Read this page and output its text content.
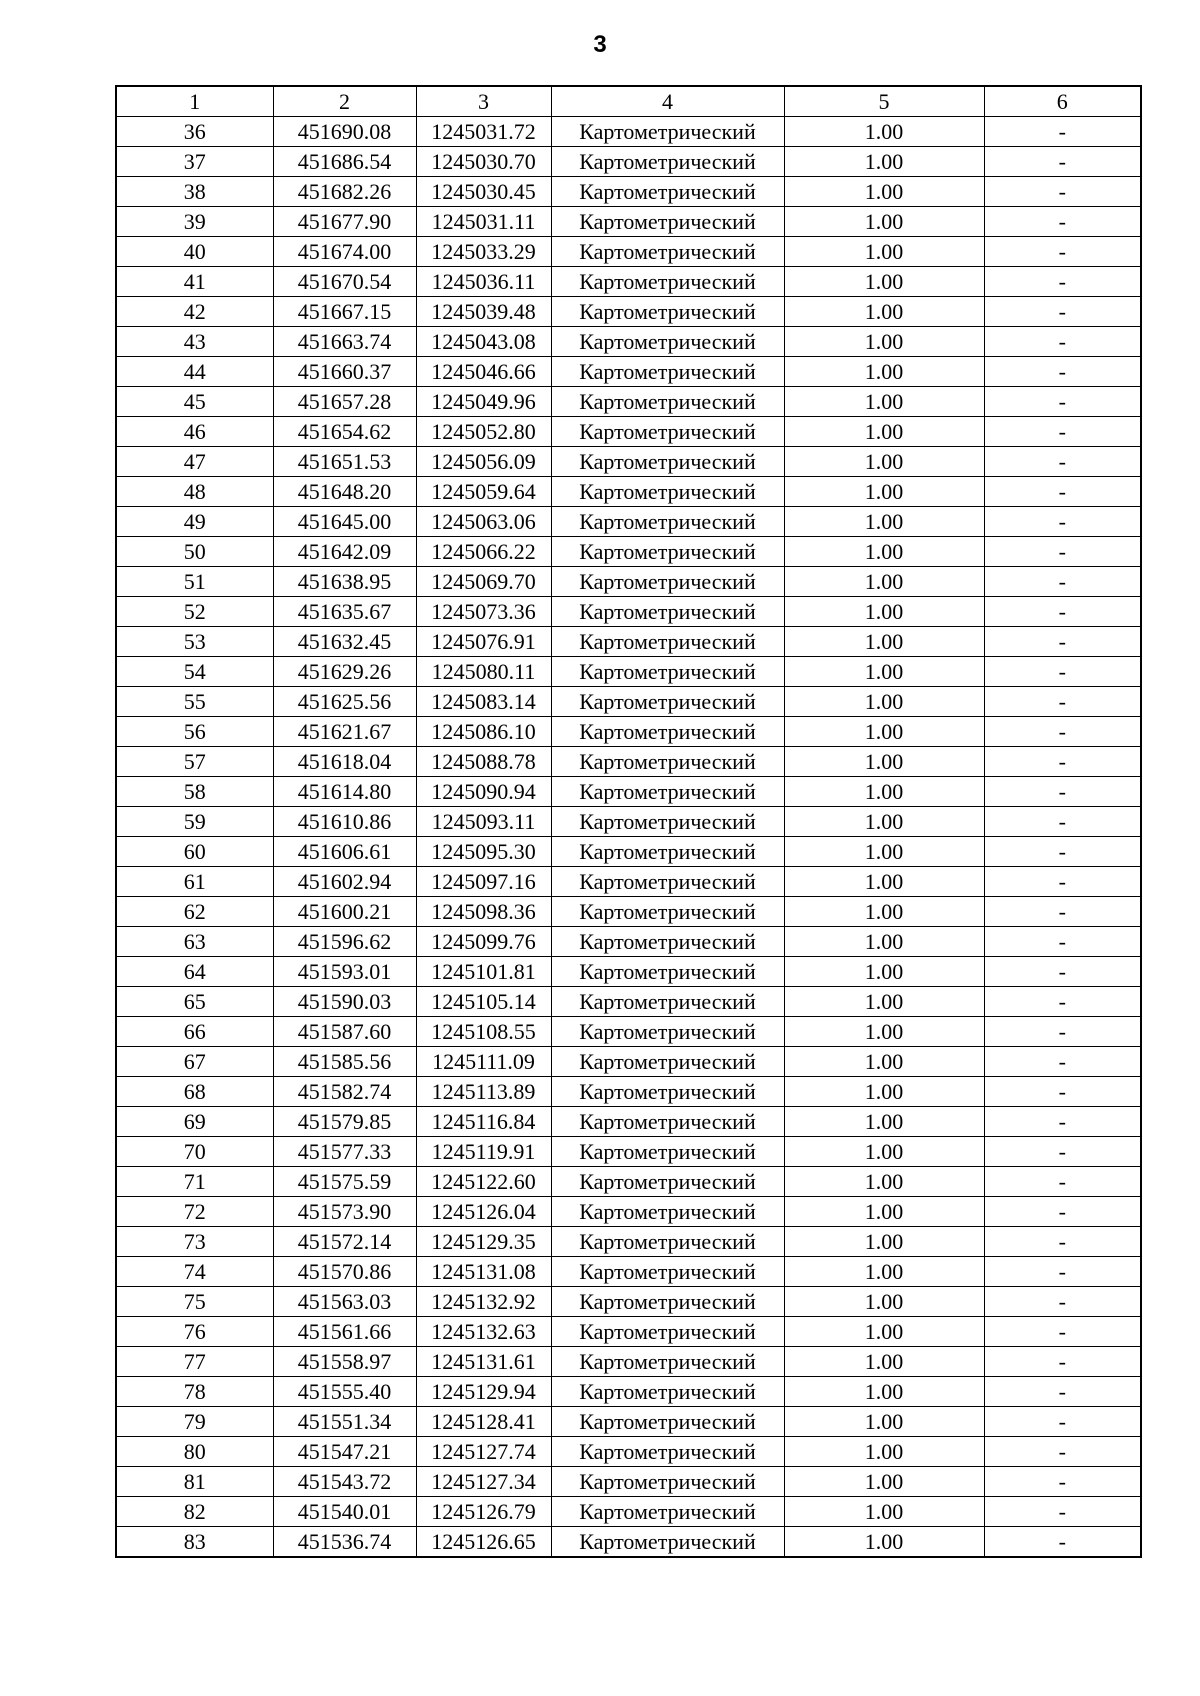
3
1	2	3	4	5	6
36	451690.08	1245031.72	Картометрический	1.00	-
37	451686.54	1245030.70	Картометрический	1.00	-
38	451682.26	1245030.45	Картометрический	1.00	-
39	451677.90	1245031.11	Картометрический	1.00	-
40	451674.00	1245033.29	Картометрический	1.00	-
41	451670.54	1245036.11	Картометрический	1.00	-
42	451667.15	1245039.48	Картометрический	1.00	-
43	451663.74	1245043.08	Картометрический	1.00	-
44	451660.37	1245046.66	Картометрический	1.00	-
45	451657.28	1245049.96	Картометрический	1.00	-
46	451654.62	1245052.80	Картометрический	1.00	-
47	451651.53	1245056.09	Картометрический	1.00	-
48	451648.20	1245059.64	Картометрический	1.00	-
49	451645.00	1245063.06	Картометрический	1.00	-
50	451642.09	1245066.22	Картометрический	1.00	-
51	451638.95	1245069.70	Картометрический	1.00	-
52	451635.67	1245073.36	Картометрический	1.00	-
53	451632.45	1245076.91	Картометрический	1.00	-
54	451629.26	1245080.11	Картометрический	1.00	-
55	451625.56	1245083.14	Картометрический	1.00	-
56	451621.67	1245086.10	Картометрический	1.00	-
57	451618.04	1245088.78	Картометрический	1.00	-
58	451614.80	1245090.94	Картометрический	1.00	-
59	451610.86	1245093.11	Картометрический	1.00	-
60	451606.61	1245095.30	Картометрический	1.00	-
61	451602.94	1245097.16	Картометрический	1.00	-
62	451600.21	1245098.36	Картометрический	1.00	-
63	451596.62	1245099.76	Картометрический	1.00	-
64	451593.01	1245101.81	Картометрический	1.00	-
65	451590.03	1245105.14	Картометрический	1.00	-
66	451587.60	1245108.55	Картометрический	1.00	-
67	451585.56	1245111.09	Картометрический	1.00	-
68	451582.74	1245113.89	Картометрический	1.00	-
69	451579.85	1245116.84	Картометрический	1.00	-
70	451577.33	1245119.91	Картометрический	1.00	-
71	451575.59	1245122.60	Картометрический	1.00	-
72	451573.90	1245126.04	Картометрический	1.00	-
73	451572.14	1245129.35	Картометрический	1.00	-
74	451570.86	1245131.08	Картометрический	1.00	-
75	451563.03	1245132.92	Картометрический	1.00	-
76	451561.66	1245132.63	Картометрический	1.00	-
77	451558.97	1245131.61	Картометрический	1.00	-
78	451555.40	1245129.94	Картометрический	1.00	-
79	451551.34	1245128.41	Картометрический	1.00	-
80	451547.21	1245127.74	Картометрический	1.00	-
81	451543.72	1245127.34	Картометрический	1.00	-
82	451540.01	1245126.79	Картометрический	1.00	-
83	451536.74	1245126.65	Картометрический	1.00	-
